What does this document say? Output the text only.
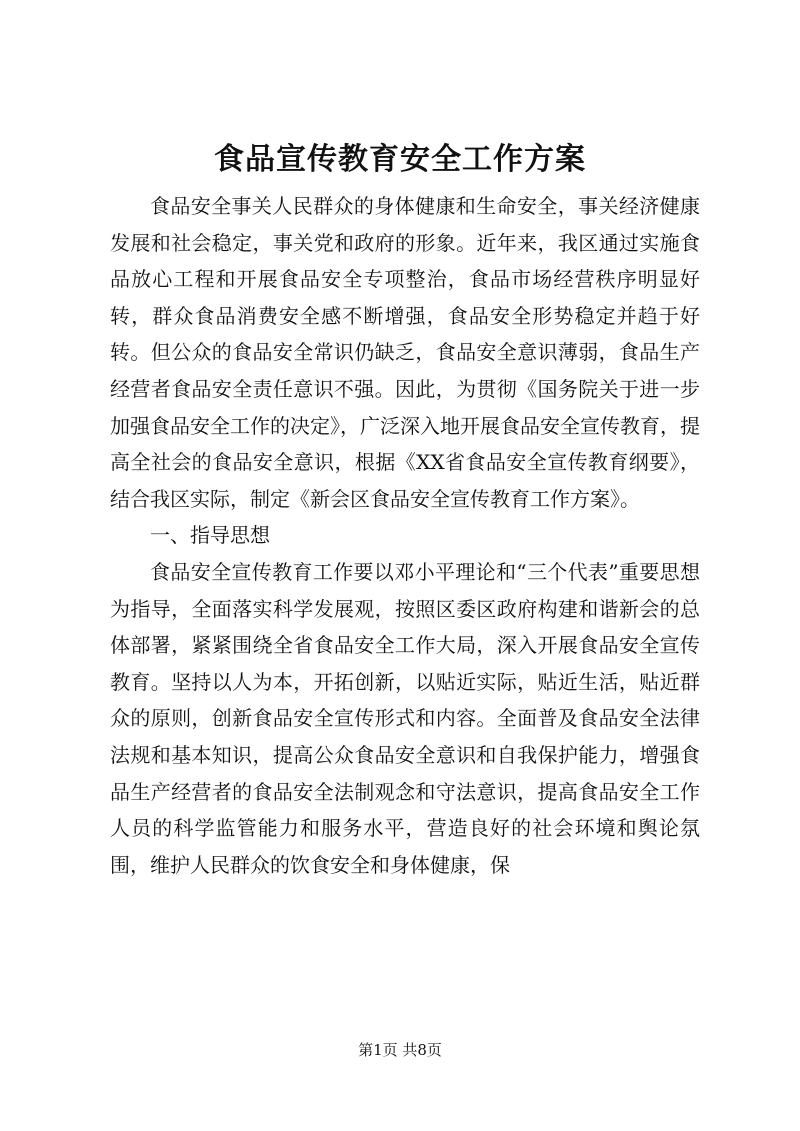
食品宣传教育安全工作方案

食品安全事关人民群众的身体健康和生命安全，事关经济健康发展和社会稳定，事关党和政府的形象。近年来，我区通过实施食品放心工程和开展食品安全专项整治，食品市场经营秩序明显好转，群众食品消费安全感不断增强，食品安全形势稳定并趋于好转。但公众的食品安全常识仍缺乏，食品安全意识薄弱，食品生产经营者食品安全责任意识不强。因此，为贯彻《国务院关于进一步加强食品安全工作的决定》，广泛深入地开展食品安全宣传教育，提高全社会的食品安全意识，根据《XX省食品安全宣传教育纲要》，结合我区实际，制定《新会区食品安全宣传教育工作方案》。

一、指导思想

食品安全宣传教育工作要以邓小平理论和“三个代表”重要思想为指导，全面落实科学发展观，按照区委区政府构建和谐新会的总体部署，紧紧围绕全省食品安全工作大局，深入开展食品安全宣传教育。坚持以人为本，开拓创新，以贴近实际，贴近生活，贴近群众的原则，创新食品安全宣传形式和内容。全面普及食品安全法律法规和基本知识，提高公众食品安全意识和自我保护能力，增强食品生产经营者的食品安全法制观念和守法意识，提高食品安全工作人员的科学监管能力和服务水平，营造良好的社会环境和舆论氛围，维护人民群众的饮食安全和身体健康，保

第1页 共8页
